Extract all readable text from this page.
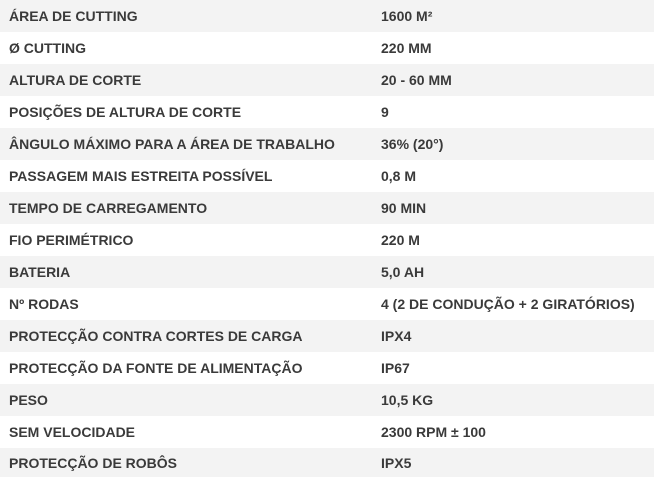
ÁREA DE CUTTING	1600 M²
Ø CUTTING	220 MM
ALTURA DE CORTE	20 - 60 MM
POSIÇÕES DE ALTURA DE CORTE	9
ÂNGULO MÁXIMO PARA A ÁREA DE TRABALHO	36% (20°)
PASSAGEM MAIS ESTREITA POSSÍVEL	0,8 M
TEMPO DE CARREGAMENTO	90 MIN
FIO PERIMÉTRICO	220 M
BATERIA	5,0 AH
Nº RODAS	4 (2 DE CONDUÇÃO + 2 GIRATÓRIOS)
PROTECÇÃO CONTRA CORTES DE CARGA	IPX4
PROTECÇÃO DA FONTE DE ALIMENTAÇÃO	IP67
PESO	10,5 KG
SEM VELOCIDADE	2300 RPM ± 100
PROTECÇÃO DE ROBÔS	IPX5
